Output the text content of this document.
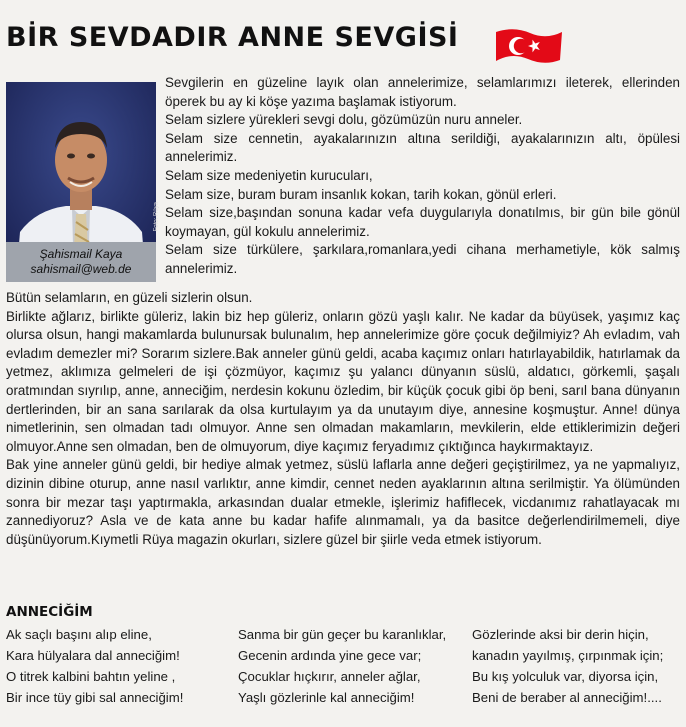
BİR SEVDADIR ANNE SEVGİSİ
Foto: Rüya
Şahismail Kaya
sahismail@web.de

Sevgilerin en güzeline layık olan annelerimize, selamlarımızı ileterek, ellerinden öperek bu ay ki köşe yazıma başlamak istiyorum.

Selam sizlere yürekleri sevgi dolu, gözümüzün nuru anneler.

Selam size cennetin, ayakalarınızın altına serildiği, ayakalarınızın altı, öpülesi annelerimiz.

Selam size medeniyetin kurucuları,

Selam size, buram buram insanlık kokan, tarih kokan, gönül erleri.

Selam size,başından sonuna kadar vefa duygularıyla donatılmıs, bir gün bile gönül koymayan, gül kokulu annelerimiz.

Selam size türkülere, şarkılara,romanlara,yedi cihana merhametiyle, kök salmış annelerimiz.

Bütün selamların, en güzeli sizlerin olsun.

Birlikte ağlarız, birlikte güleriz, lakin biz hep güleriz, onların gözü yaşlı kalır. Ne kadar da büyüsek, yaşımız kaç olursa olsun, hangi makamlarda bulunursak bulunalım, hep annelerimize göre çocuk değilmiyiz? Ah evladım, vah evladım demezler mi? Sorarım sizlere.Bak anneler günü geldi, acaba kaçımız onları hatırlayabildik, hatırlamak da yetmez, aklımıza gelmeleri de işi çözmüyor, kaçımız şu yalancı dünyanın süslü, aldatıcı, görkemli, şaşalı oratmından sıyrılıp, anne, anneciğim, nerdesin kokunu özledim, bir küçük çocuk gibi öp beni, sarıl bana dünyanın dertlerinden, bir an sana sarılarak da olsa kurtulayım ya da unutayım diye, annesine koşmuştur. Anne! dünya nimetlerinin, sen olmadan tadı olmuyor. Anne sen olmadan makamların, mevkilerin, elde ettiklerimizin değeri olmuyor.Anne sen olmadan, ben de olmuyorum, diye kaçımız feryadımız çıktığınca haykırmaktayız.

Bak yine anneler günü geldi, bir hediye almak yetmez, süslü laflarla anne değeri geçiştirilmez, ya ne yapmalıyız, dizinin dibine oturup, anne nasıl varlıktır, anne kimdir, cennet neden ayaklarının altına serilmiştir. Ya ölümünden sonra bir mezar taşı yaptırmakla, arkasından dualar etmekle, işlerimiz hafiflecek, vicdanımız rahatlayacak mı zannediyoruz? Asla ve de kata anne bu kadar hafife alınmamalı, ya da basitce değerlendirilmemeli, diye düşünüyorum.Kıymetli Rüya magazin okurları, sizlere güzel bir şiirle veda etmek istiyorum.

ANNECİĞİM
Ak saçlı başını alıp eline,
Kara hülyalara dal anneciğim!
O titrek kalbini bahtın yeline ,
Bir ince tüy gibi sal anneciğim!
Sanma bir gün geçer bu karanlıklar,
Gecenin ardında yine gece var;
Çocuklar hıçkırır, anneler ağlar,
Yaşlı gözlerinle kal anneciğim!
Gözlerinde aksi bir derin hiçin,
kanadın yayılmış, çırpınmak için;
Bu kış yolculuk var, diyorsa için,
Beni de beraber al anneciğim!....
